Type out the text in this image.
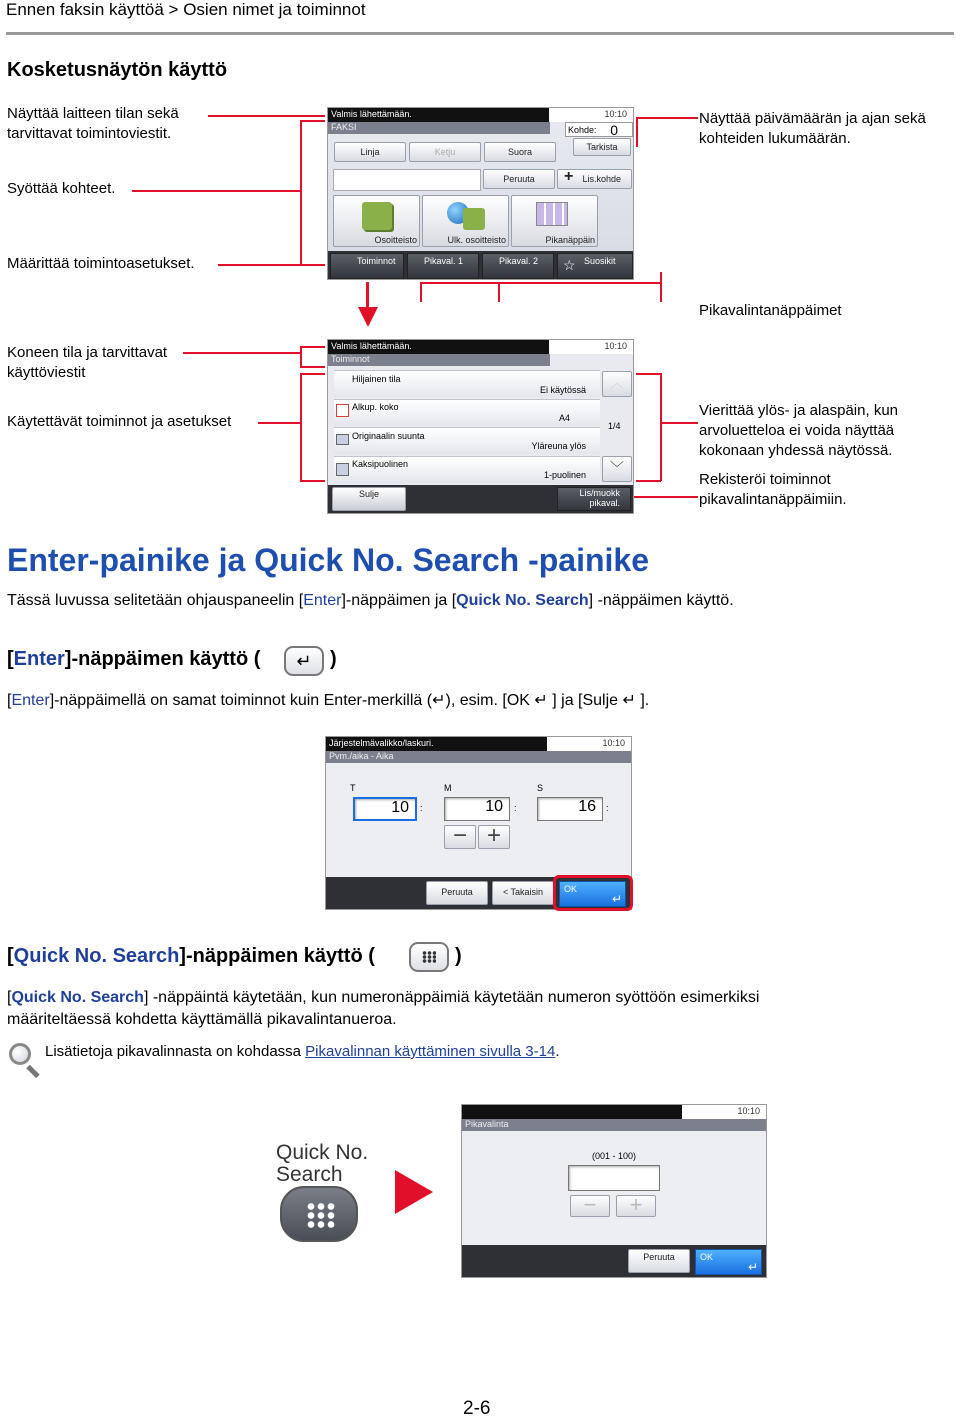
Ennen faksin käyttöä > Osien nimet ja toiminnot
Kosketusnäytön käyttö
Näyttää laitteen tilan sekä tarvittavat toimintoviestit.
Näyttää päivämäärän ja ajan sekä kohteiden lukumäärän.
Syöttää kohteet.
Määrittää toimintoasetukset.
Pikavalintanäppäimet
Valmis lähettämään.	10:10
FAKSI	Kohde: 0
Tarkista
Linja	Ketju	Suora
Peruuta	+ Lis.kohde
Osoitteisto	Ulk. osoitteisto	Pikanäppäin
Toiminnot	Pikaval. 1	Pikaval. 2	☆ Suosikit
Koneen tila ja tarvittavat käyttöviestit
Käytettävät toiminnot ja asetukset
Vierittää ylös- ja alaspäin, kun arvoluetteloa ei voida näyttää kokonaan yhdessä näytössä.
Rekisteröi toiminnot pikavalintanäppäimiin.
Valmis lähettämään.	10:10
Toiminnot
Hiljainen tila
Ei käytössä
Alkup. koko
A4
Originaalin suunta
Yläreuna ylös
Kaksipuolinen
1-puolinen
︿
1/4
﹀
Sulje	Lis/muokk
pikaval.
Enter-painike ja Quick No. Search -painike
Tässä luvussa selitetään ohjauspaneelin [Enter]-näppäimen ja [Quick No. Search] -näppäimen käyttö.
[Enter]-näppäimen käyttö (	↵ )
[Enter]-näppäimellä on samat toiminnot kuin Enter-merkillä (↵), esim. [OK ↵ ] ja [Sulje ↵ ].
Järjestelmävalikko/laskuri.	10:10
Pvm./aika - Aika
T	M	S
10	:	10	:	16	:
− +
Peruuta	< Takaisin	OK
↵
[Quick No. Search]-näppäimen käyttö (	)
[Quick No. Search] -näppäintä käytetään, kun numeronäppäimiä käytetään numeron syöttöön esimerkiksi määriteltäessä kohdetta käyttämällä pikavalintanueroa.
Lisätietoja pikavalinnasta on kohdassa Pikavalinnan käyttäminen sivulla 3-14.
Quick No.
Search
10:10
Pikavalinta
(001 - 100)
−	+
Peruuta	OK
↵
2-6
